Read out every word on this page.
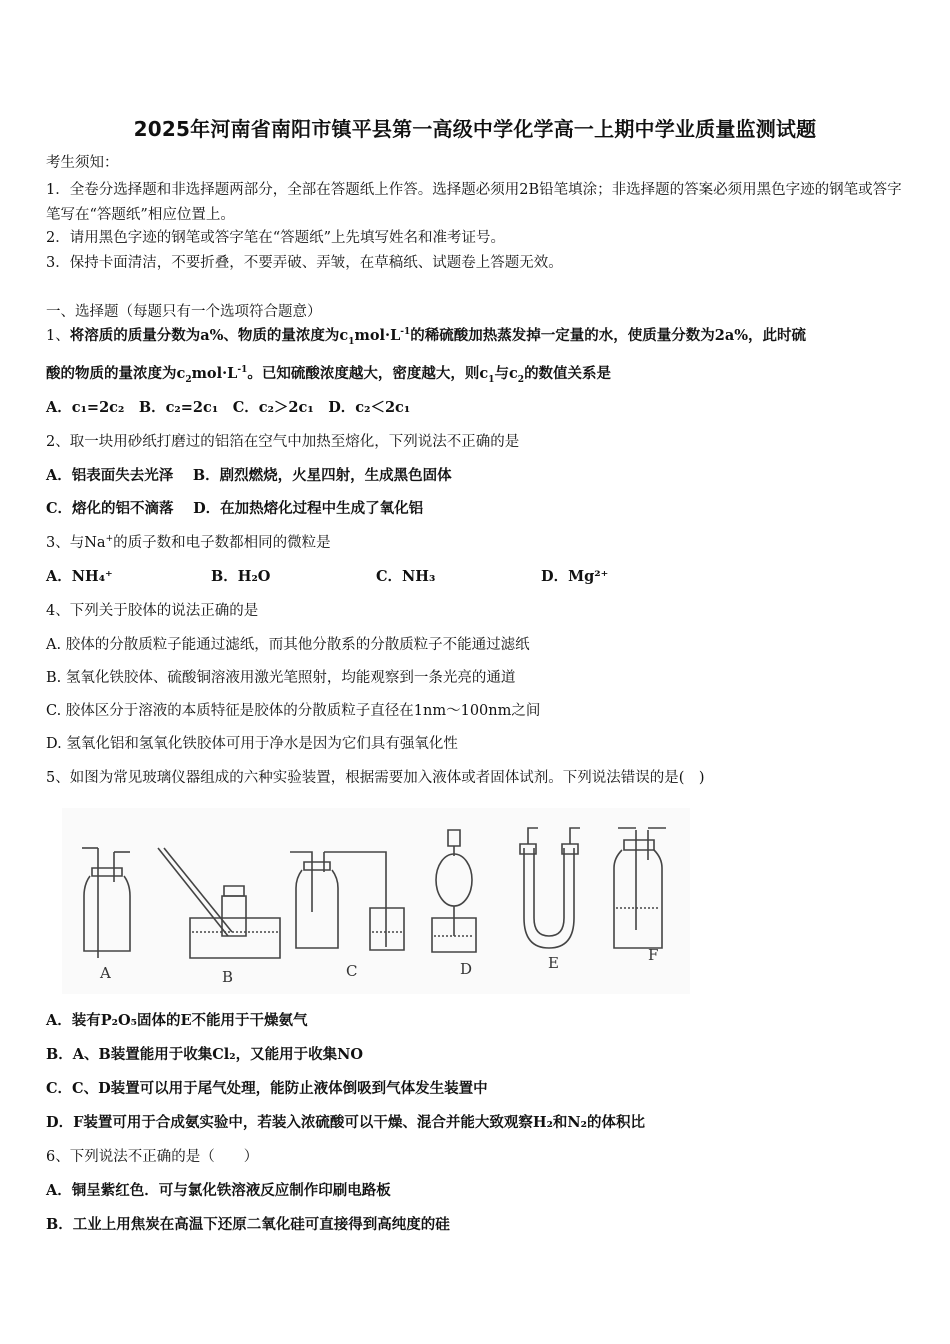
2025年河南省南阳市镇平县第一高级中学化学高一上期中学业质量监测试题
考生须知：
1．全卷分选择题和非选择题两部分，全部在答题纸上作答。选择题必须用2B铅笔填涂；非选择题的答案必须用黑色字迹的钢笔或答字笔写在“答题纸”相应位置上。
2．请用黑色字迹的钢笔或答字笔在“答题纸”上先填写姓名和准考证号。
3．保持卡面清洁，不要折叠，不要弄破、弄皱，在草稿纸、试题卷上答题无效。
一、选择题（每题只有一个选项符合题意）
1、将溶质的质量分数为a%、物质的量浓度为$c_1mol\cdot L^{-1}$的稀硫酸加热蒸发掉一定量的水，使质量分数为2a%，此时硫
酸的物质的量浓度为$c_2mol\cdot L^{-1}$。已知硫酸浓度越大，密度越大，则$c_1$与$c_2$的数值关系是
A．c₁=2c₂　B．c₂=2c₁　C．c₂＞2c₁　D．c₂＜2c₁
2、取一块用砂纸打磨过的铝箔在空气中加热至熔化，下列说法不正确的是
A．铝表面失去光泽　 B．剧烈燃烧，火星四射，生成黑色固体
C．熔化的铝不滴落　 D．在加热熔化过程中生成了氧化铝
3、与Na+的质子数和电子数都相同的微粒是
A．NH₄⁺	B．H₂O	C．NH₃	D．Mg²⁺
4、下列关于胶体的说法正确的是
A. 胶体的分散质粒子能通过滤纸，而其他分散系的分散质粒子不能通过滤纸
B. 氢氧化铁胶体、硫酸铜溶液用激光笔照射，均能观察到一条光亮的通道
C. 胶体区分于溶液的本质特征是胶体的分散质粒子直径在1nm～100nm之间
D. 氢氧化铝和氢氧化铁胶体可用于净水是因为它们具有强氧化性
5、如图为常见玻璃仪器组成的六种实验装置，根据需要加入液体或者固体试剂。下列说法错误的是(　)
A	B	C	D	E	F
A．装有P₂O₅固体的E不能用于干燥氨气
B．A、B装置能用于收集Cl₂，又能用于收集NO
C．C、D装置可以用于尾气处理，能防止液体倒吸到气体发生装置中
D．F装置可用于合成氨实验中，若装入浓硫酸可以干燥、混合并能大致观察H₂和N₂的体积比
6、下列说法不正确的是（　　）
A．铜呈紫红色．可与氯化铁溶液反应制作印刷电路板
B．工业上用焦炭在高温下还原二氧化硅可直接得到高纯度的硅
